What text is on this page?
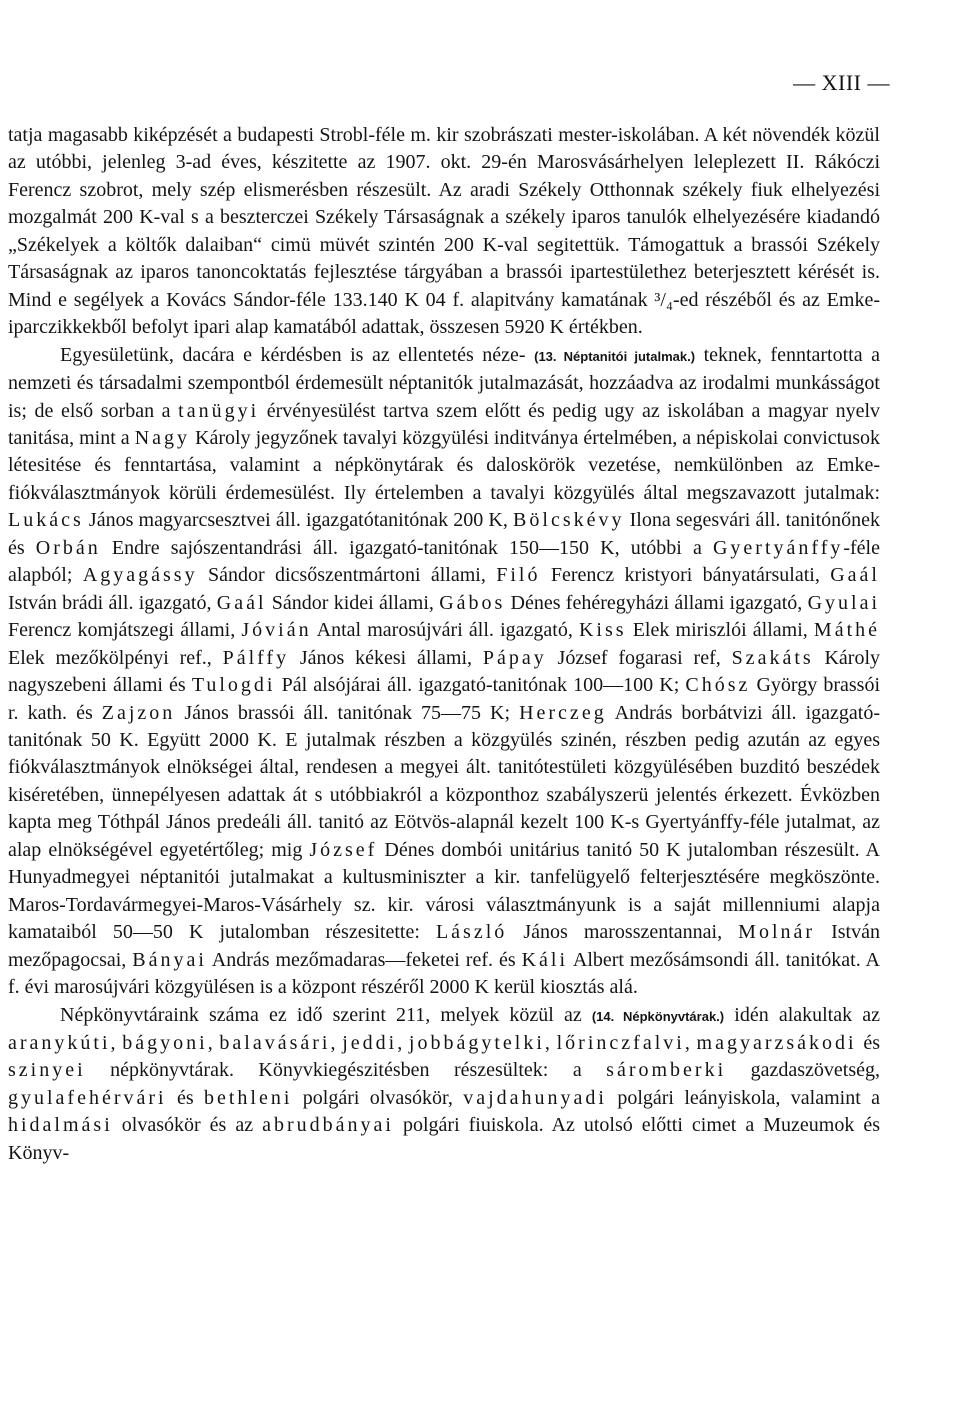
— XIII —

tatja magasabb kiképzését a budapesti Strobl-féle m. kir szobrászati mester-iskolában. A két növendék közül az utóbbi, jelenleg 3-ad éves, készitette az 1907. okt. 29-én Marosvásárhelyen leleplezett II. Rákóczi Ferencz szobrot, mely szép elismerésben részesült. Az aradi Székely Otthonnak székely fiuk elhelyezési mozgalmát 200 K-val s a beszterczei Székely Társaságnak a székely iparos tanulók elhelyezésére kiadandó „Székelyek a költők dalaiban“ cimü müvét szintén 200 K-val segitettük. Támogattuk a brassói Székely Társaságnak az iparos tanoncoktatás fejlesztése tárgyában a brassói ipartestülethez beterjesztett kérését is. Mind e segélyek a Kovács Sándor-féle 133.140 K 04 f. alapitvány kamatának ³/₄-ed részéből és az Emke-iparczikkekből befolyt ipari alap kamatából adattak, összesen 5920 K értékben.

Egyesületünk, dacára e kérdésben is az ellentetés néze- (13. Néptanitói jutalmak.) teknek, fenntartotta a nemzeti és társadalmi szempontból érdemesült néptanitók jutalmazását, hozzáadva az irodalmi munkásságot is; de első sorban a tanügyi érvényesülést tartva szem előtt és pedig ugy az iskolában a magyar nyelv tanitása, mint a Nagy Károly jegyzőnek tavalyi közgyülési inditványa értelmében, a népiskolai convictusok létesitése és fenntartása, valamint a népkönytárak és daloskörök vezetése, nemkülönben az Emke-fiókválasztmányok körüli érdemesülést. Ily értelemben a tavalyi közgyülés által megszavazott jutalmak: Lukács János magyarcsesztvei áll. igazgatótanitónak 200 K, Bölcskévy Ilona segesvári áll. tanitónőnek és Orbán Endre sajószentandrási áll. igazgató-tanitónak 150—150 K, utóbbi a Gyertyánffy-féle alapból; Agyagássy Sándor dicsőszentmártoni állami, Filó Ferencz kristyori bányatársulati, Gaál István brádi áll. igazgató, Gaál Sándor kidei állami, Gábos Dénes fehéregyházi állami igazgató, Gyulai Ferencz komjátszegi állami, Jóvián Antal marosújvári áll. igazgató, Kiss Elek miriszlói állami, Máthé Elek mezőkölpényi ref., Pálffy János kékesi állami, Pápay József fogarasi ref, Szakáts Károly nagyszebeni állami és Tulogdi Pál alsójárai áll. igazgató-tanitónak 100—100 K; Chósz György brassói r. kath. és Zajzon János brassói áll. tanitónak 75—75 K; Herczeg András borbátvizi áll. igazgató-tanitónak 50 K. Együtt 2000 K. E jutalmak részben a közgyülés szinén, részben pedig azután az egyes fiókválasztmányok elnökségei által, rendesen a megyei ált. tanitótestületi közgyülésében buzditó beszédek kiséretében, ünnepélyesen adattak át s utóbbiakról a központhoz szabályszerü jelentés érkezett. Évközben kapta meg Tóthpál János predeáli áll. tanitó az Eötvös-alapnál kezelt 100 K-s Gyertyánffy-féle jutalmat, az alap elnökségével egyetértőleg; mig József Dénes dombói unitárius tanitó 50 K jutalomban részesült. A Hunyadmegyei néptanitói jutalmakat a kultusminiszter a kir. tanfelügyelő felterjesztésére megköszönte. Maros-Tordavármegyei-Maros-Vásárhely sz. kir. városi választmányunk is a saját millenniumi alapja kamataiból 50—50 K jutalomban részesitette: László János marosszentannai, Molnár István mezőpagocsai, Bányai András mezőmadaras—feketei ref. és Káli Albert mezősámsondi áll. tanitókat. A f. évi marosújvári közgyülésen is a központ részéről 2000 K kerül kiosztás alá.

Népkönyvtáraink száma ez idő szerint 211, melyek közül az (14. Népkönyvtárak.) idén alakultak az aranykúti, bágyoni, balavásári, jeddi, jobbágytelki, lőrinczfalvi, magyarzsákodi és szinyei népkönyvtárak. Könyvkiegészitésben részesültek: a sáromberki gazdaszövetség, gyulafehérvári és bethleni polgári olvasókör, vajdahunyadi polgári leányiskola, valamint a hidalmási olvasókör és az abrudbányai polgári fiuiskola. Az utolsó előtti cimet a Muzeumok és Könyv-
